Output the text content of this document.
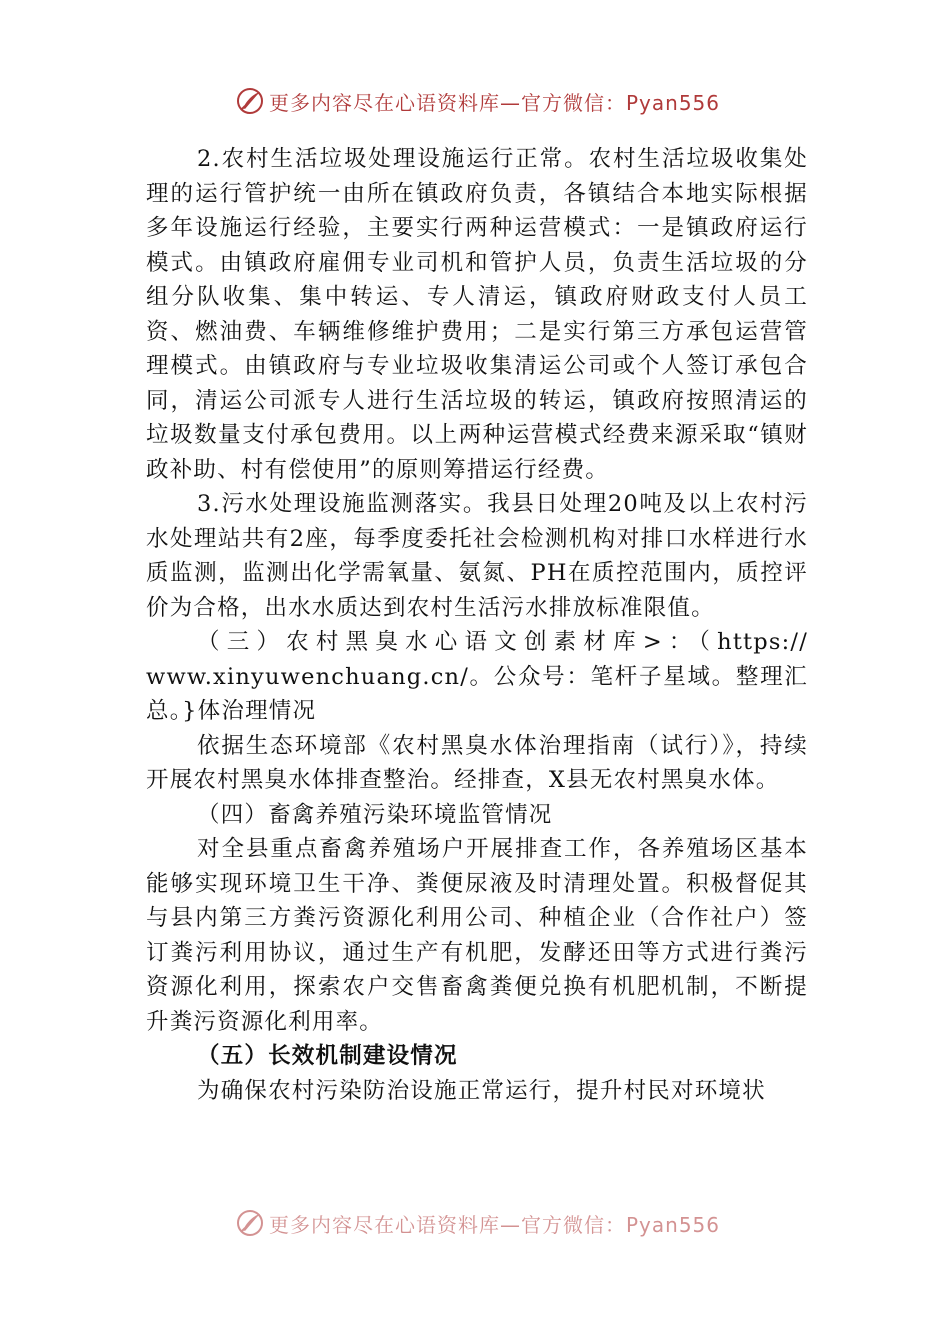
更多内容尽在心语资料库—官方微信：Pyan556

2.农村生活垃圾处理设施运行正常。农村生活垃圾收集处理的运行管护统一由所在镇政府负责，各镇结合本地实际根据多年设施运行经验，主要实行两种运营模式：一是镇政府运行模式。由镇政府雇佣专业司机和管护人员，负责生活垃圾的分组分队收集、集中转运、专人清运，镇政府财政支付人员工资、燃油费、车辆维修维护费用；二是实行第三方承包运营管理模式。由镇政府与专业垃圾收集清运公司或个人签订承包合同，清运公司派专人进行生活垃圾的转运，镇政府按照清运的垃圾数量支付承包费用。以上两种运营模式经费来源采取“镇财政补助、村有偿使用”的原则筹措运行经费。

3.污水处理设施监测落实。我县日处理20吨及以上农村污水处理站共有2座，每季度委托社会检测机构对排口水样进行水质监测，监测出化学需氧量、氨氮、PH在质控范围内，质控评价为合格，出水水质达到农村生活污水排放标准限值。

（三）农村黑臭水心语文创素材库>：（https://

www.xinyuwenchuang.cn/。公众号：笔杆子星域。整理汇

总。}体治理情况

依据生态环境部《农村黑臭水体治理指南（试行）》，持续开展农村黑臭水体排查整治。经排查，X县无农村黑臭水体。

（四）畜禽养殖污染环境监管情况

对全县重点畜禽养殖场户开展排查工作，各养殖场区基本能够实现环境卫生干净、粪便尿液及时清理处置。积极督促其与县内第三方粪污资源化利用公司、种植企业（合作社户）签订粪污利用协议，通过生产有机肥，发酵还田等方式进行粪污资源化利用，探索农户交售畜禽粪便兑换有机肥机制，不断提升粪污资源化利用率。

（五）长效机制建设情况

为确保农村污染防治设施正常运行，提升村民对环境状

更多内容尽在心语资料库—官方微信：Pyan556
